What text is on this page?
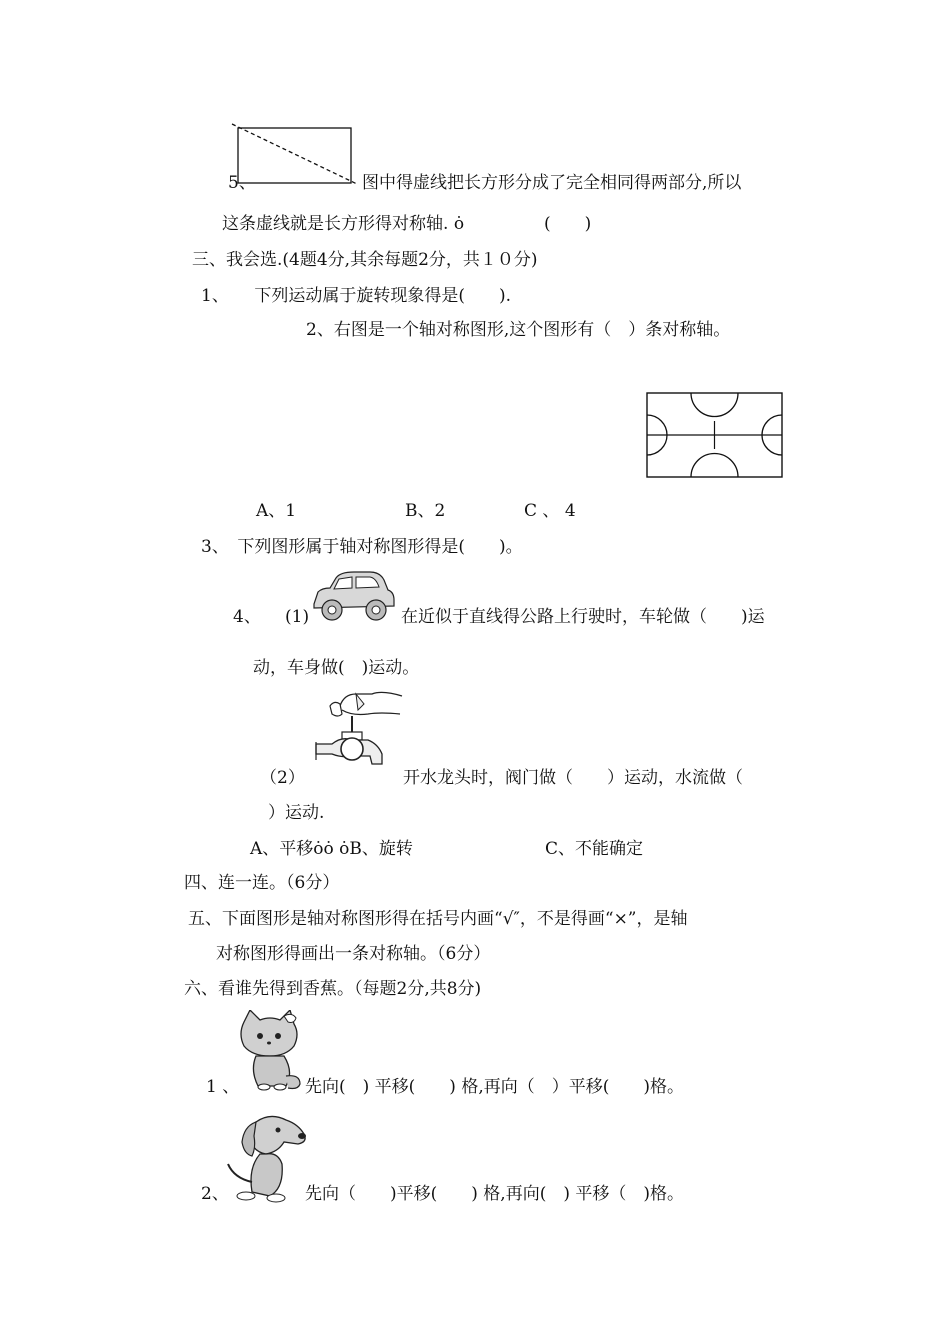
5、	图中得虚线把长方形分成了完全相同得两部分,所以
这条虚线就是长方形得对称轴. ȯ	(　　)
三、我会选.(4题4分,其余每题2分，共１０分)
1、　　下列运动属于旋转现象得是(　　).
2、右图是一个轴对称图形,这个图形有（　）条对称轴。
A、1	B、2	C 、 4
3、　下列图形属于轴对称图形得是(　　)。
4、 (1)	在近似于直线得公路上行驶时，车轮做（　　)运
动，车身做(　)运动。
（2）	开水龙头时，阀门做（　　）运动，水流做（
）运动.
A、平移ȯȯ ȯB、旋转	C、不能确定
四、连一连。（6分）
五、下面图形是轴对称图形得在括号内画“√″，不是得画“×”，是轴
对称图形得画出一条对称轴。（6分）
六、看谁先得到香蕉。（每题2分,共8分)
1 、	先向(　) 平移(　　) 格,再向（　）平移(　　)格。
2、	先向（　　)平移(　　) 格,再向(　) 平移（　)格。
